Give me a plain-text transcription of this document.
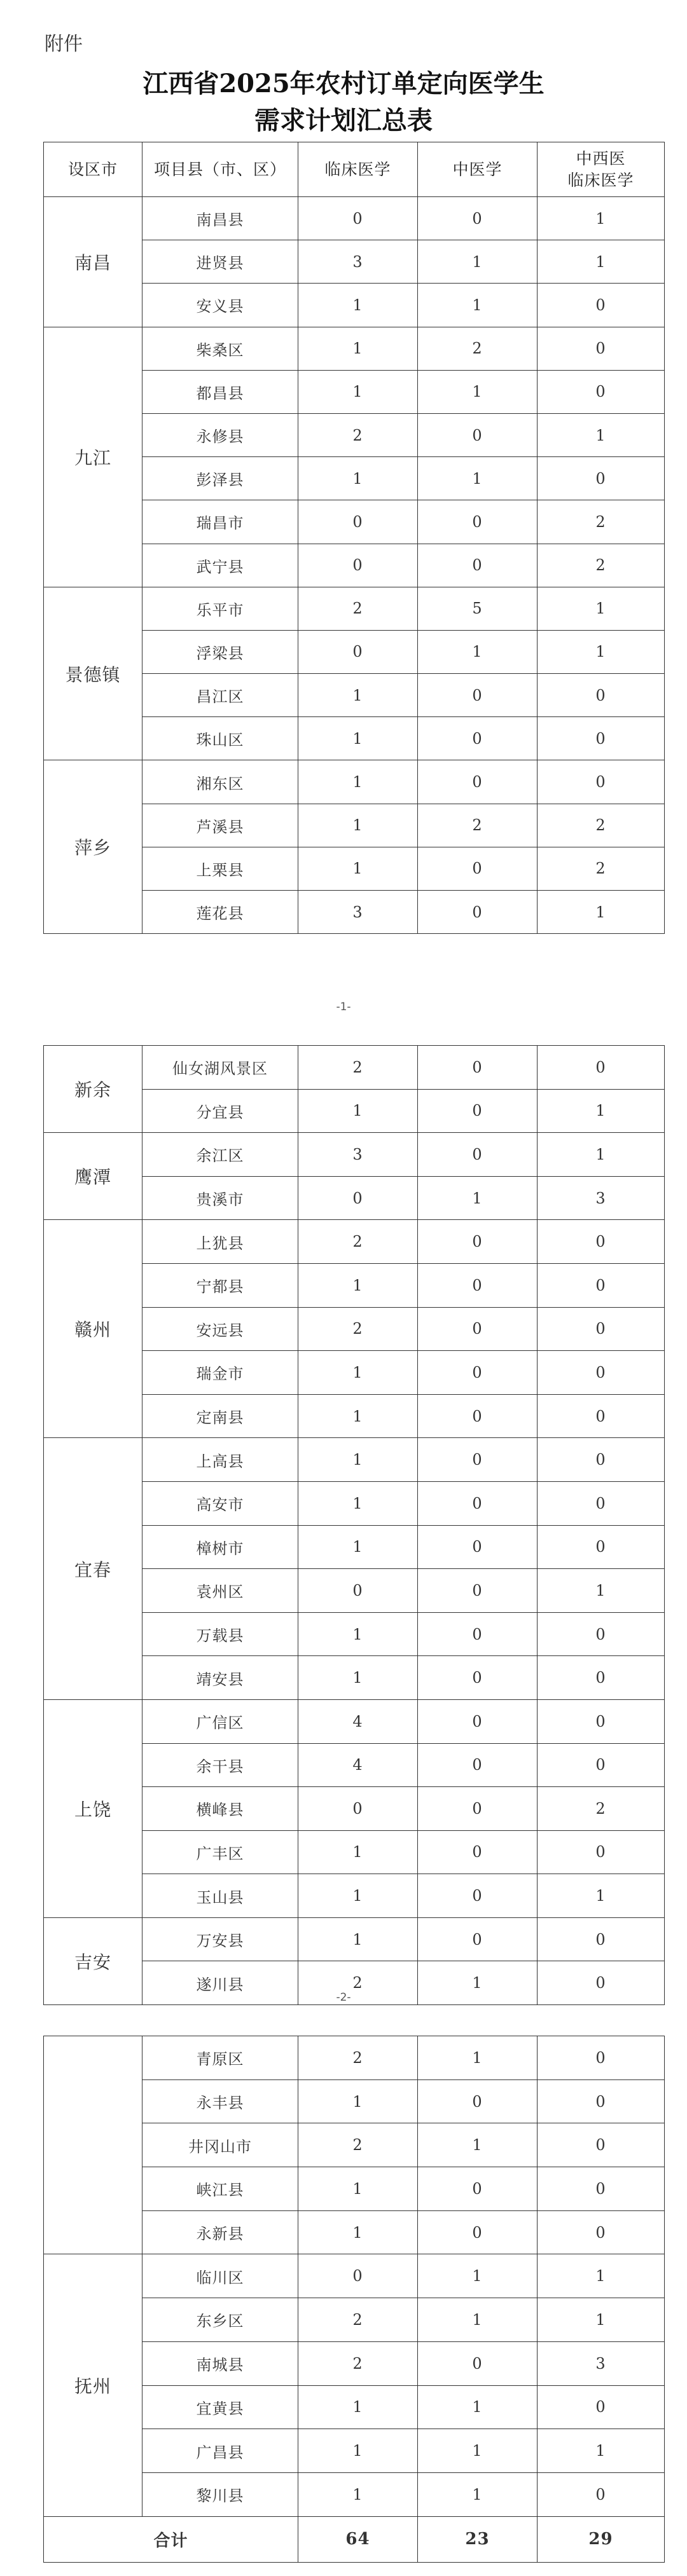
附件
江西省2025年农村订单定向医学生
需求计划汇总表
设区市	项目县（市、区）	临床医学	中医学	中西医
临床医学
南昌	南昌县	0	0	1
	进贤县	3	1	1
	安义县	1	1	0
九江	柴桑区	1	2	0
	都昌县	1	1	0
	永修县	2	0	1
	彭泽县	1	1	0
	瑞昌市	0	0	2
	武宁县	0	0	2
景德镇	乐平市	2	5	1
	浮梁县	0	1	1
	昌江区	1	0	0
	珠山区	1	0	0
萍乡	湘东区	1	0	0
	芦溪县	1	2	2
	上栗县	1	0	2
	莲花县	3	0	1
-1-
新余	仙女湖风景区	2	0	0
	分宜县	1	0	1
鹰潭	余江区	3	0	1
	贵溪市	0	1	3
赣州	上犹县	2	0	0
	宁都县	1	0	0
	安远县	2	0	0
	瑞金市	1	0	0
	定南县	1	0	0
宜春	上高县	1	0	0
	高安市	1	0	0
	樟树市	1	0	0
	袁州区	0	0	1
	万载县	1	0	0
	靖安县	1	0	0
上饶	广信区	4	0	0
	余干县	4	0	0
	横峰县	0	0	2
	广丰区	1	0	0
	玉山县	1	0	1
吉安	万安县	1	0	0
	遂川县	2	1	0
-2-
	青原区	2	1	0
	永丰县	1	0	0
	井冈山市	2	1	0
	峡江县	1	0	0
	永新县	1	0	0
抚州	临川区	0	1	1
	东乡区	2	1	1
	南城县	2	0	3
	宜黄县	1	1	0
	广昌县	1	1	1
	黎川县	1	1	0
合计		64	23	29
